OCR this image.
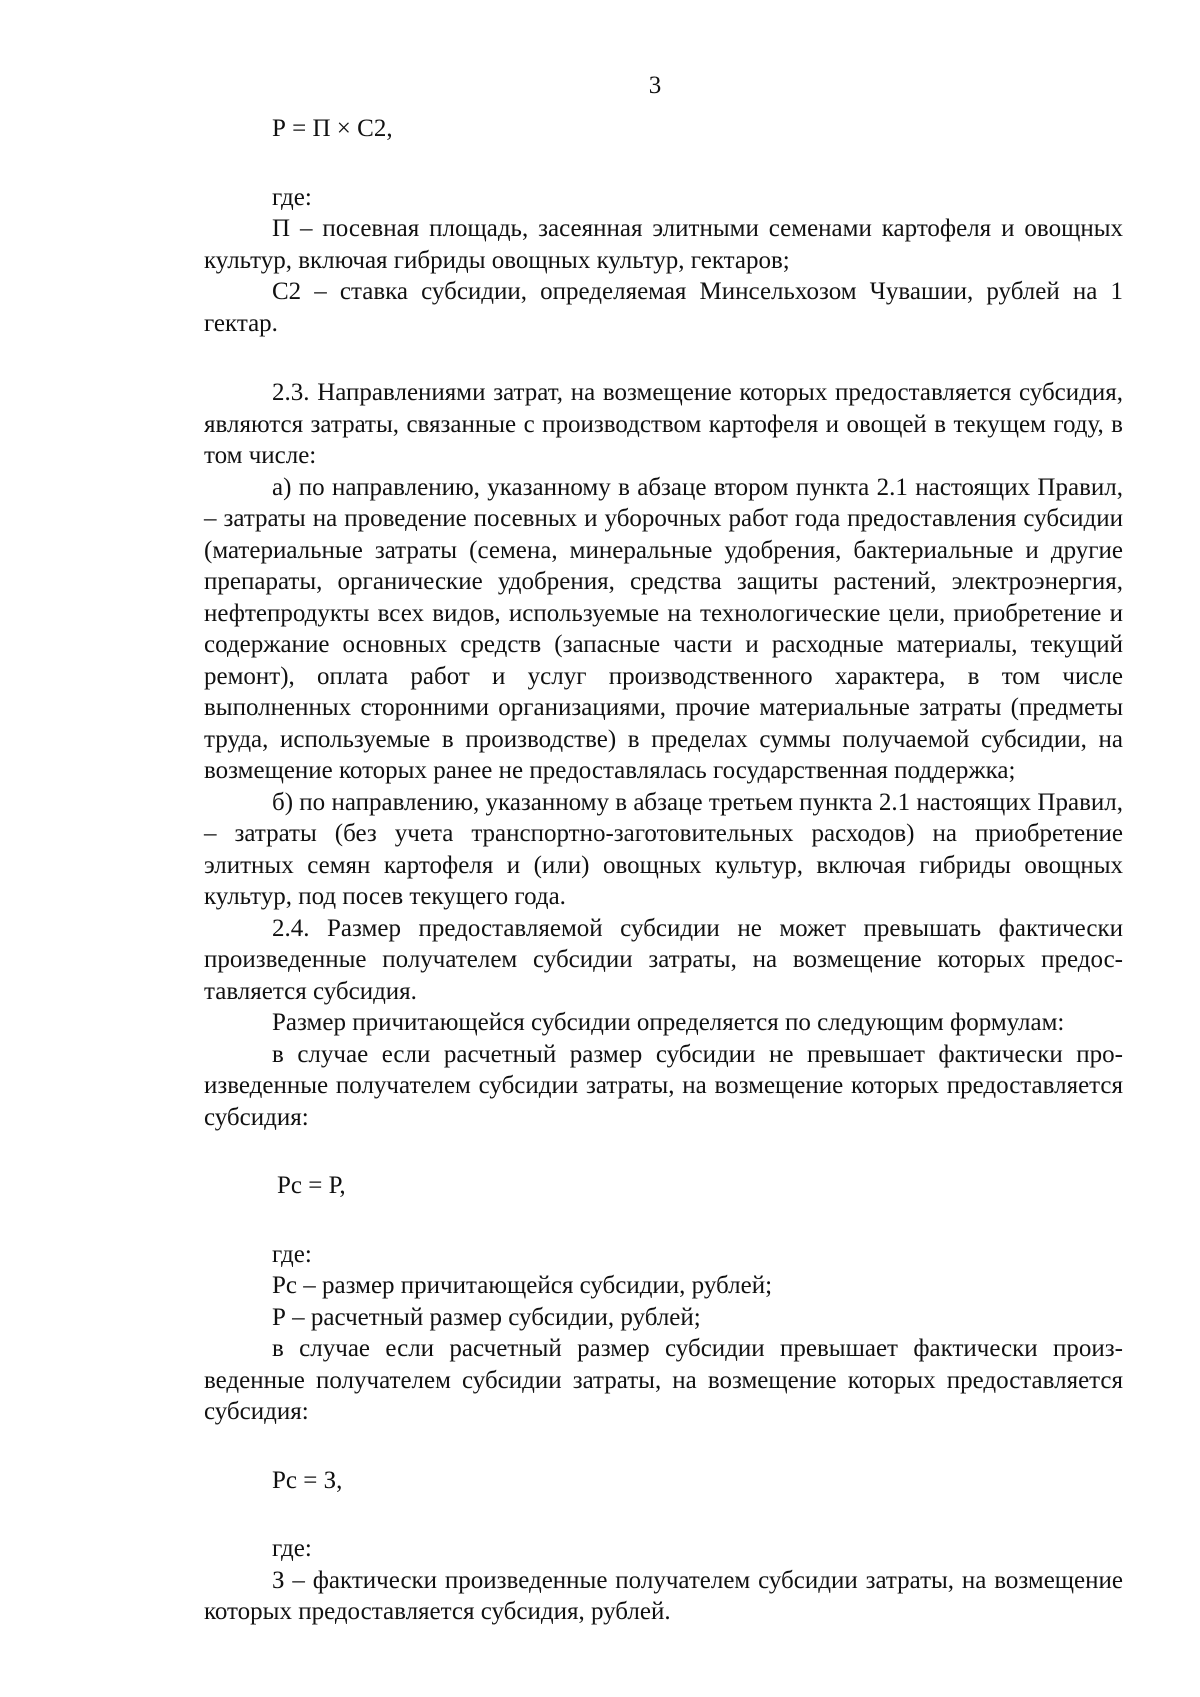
3

Р = П × С2,

где:

П – посевная площадь, засеянная элитными семенами картофеля и овощных культур, включая гибриды овощных культур, гектаров;

С2 – ставка субсидии, определяемая Минсельхозом Чувашии, рублей на 1 гектар.

2.3. Направлениями затрат, на возмещение которых предоставляется субсидия, являются затраты, связанные с производством картофеля и овощей в текущем году, в том числе:

а) по направлению, указанному в абзаце втором пункта 2.1 настоящих Правил, – затраты на проведение посевных и уборочных работ года предоставления субсидии (материальные затраты (семена, минеральные удобрения, бактериальные и другие препараты, органические удобрения, средства защиты растений, электроэнергия, нефтепродукты всех видов, используемые на технологические цели, приобретение и содержание основных средств (запасные части и расходные материалы, текущий ремонт), оплата работ и услуг производственного характера, в том числе выполненных сторонними организациями, прочие материальные затраты (предметы труда, используемые в производстве) в пределах суммы получаемой субсидии, на возмещение которых ранее не предоставлялась государственная поддержка;

б) по направлению, указанному в абзаце третьем пункта 2.1 настоящих Правил, – затраты (без учета транспортно-заготовительных расходов) на приобретение элитных семян картофеля и (или) овощных культур, включая гибриды овощных культур, под посев текущего года.

2.4. Размер предоставляемой субсидии не может превышать фактически произведенные получателем субсидии затраты, на возмещение которых предоставляется субсидия.

Размер причитающейся субсидии определяется по следующим формулам:

в случае если расчетный размер субсидии не превышает фактически произведенные получателем субсидии затраты, на возмещение которых предоставляется субсидия:

Рс = Р,

где:

Рс – размер причитающейся субсидии, рублей;

Р – расчетный размер субсидии, рублей;

в случае если расчетный размер субсидии превышает фактически произведенные получателем субсидии затраты, на возмещение которых предоставляется субсидия:

Рс = З,

где:

З – фактически произведенные получателем субсидии затраты, на возмещение которых предоставляется субсидия, рублей.
